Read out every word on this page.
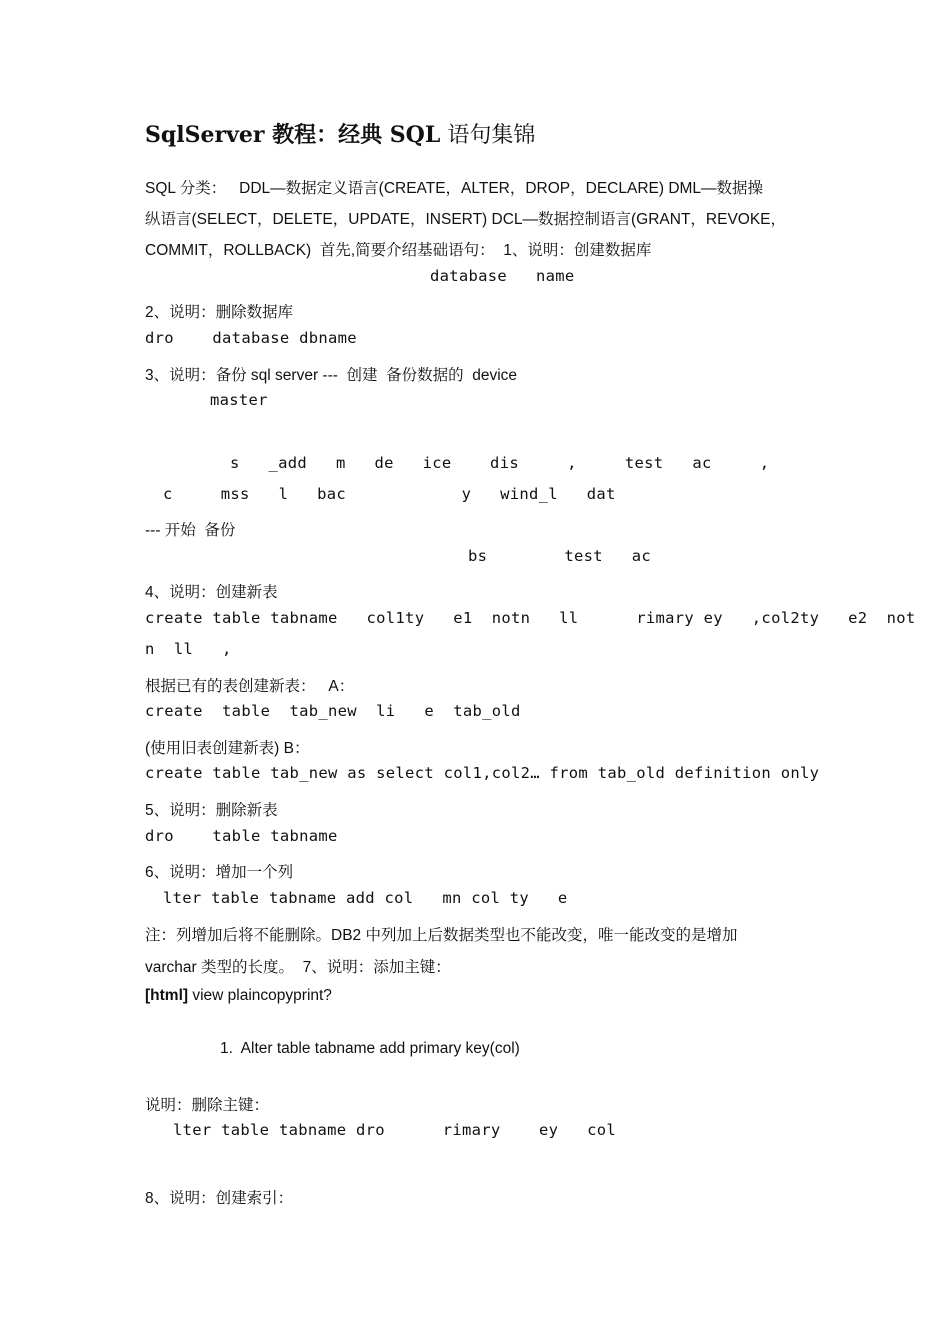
SqlServer 教程：经典 SQL 语句集锦
SQL 分类：   DDL—数据定义语言(CREATE，ALTER，DROP，DECLARE) DML—数据操
纵语言(SELECT，DELETE，UPDATE，INSERT) DCL—数据控制语言(GRANT，REVOKE，
COMMIT，ROLLBACK)  首先,简要介绍基础语句：  1、说明：创建数据库
database   name
2、说明：删除数据库
dro    database dbname
3、说明：备份 sql server ---  创建  备份数据的  device
master
s   _add   m   de   ice    dis     ,     test   ac     ,
c     mss   l   bac            y   wind_l   dat
--- 开始  备份
bs        test   ac
4、说明：创建新表
create table tabname   col1ty   e1  notn   ll      rimary ey   ,col2ty   e2  not
n  ll   ,
根据已有的表创建新表：   A：
create  table  tab_new  li   e  tab_old
(使用旧表创建新表) B：
create table tab_new as select col1,col2… from tab_old definition only
5、说明：删除新表
dro    table tabname
6、说明：增加一个列
lter table tabname add col   mn col ty   e
注：列增加后将不能删除。DB2 中列加上后数据类型也不能改变，唯一能改变的是增加
varchar 类型的长度。  7、说明：添加主键：
[html] view plaincopyprint?
1.  Alter table tabname add primary key(col)
说明：删除主键：
lter table tabname dro      rimary    ey   col
8、说明：创建索引：
